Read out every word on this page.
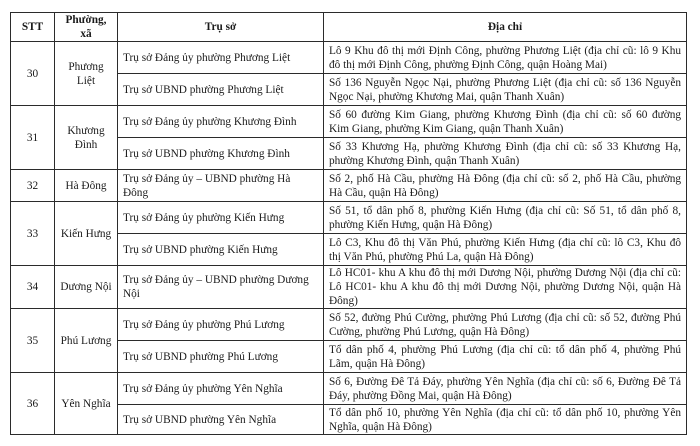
STT	Phường, xã	Trụ sở	Địa chỉ
30	Phương Liệt	Trụ sở Đảng ủy phường Phương Liệt	Lô 9 Khu đô thị mới Định Công, phường Phương Liệt (địa chỉ cũ: lô 9 Khu đô thị mới Định Công, phường Định Công, quận Hoàng Mai)
		Trụ sở UBND phường Phương Liệt	Số 136 Nguyễn Ngọc Nại, phường Phương Liệt (địa chỉ cũ: số 136 Nguyễn Ngọc Nại, phường Khương Mai, quận Thanh Xuân)
31	Khương Đình	Trụ sở Đảng ủy phường Khương Đình	Số 60 đường Kim Giang, phường Khương Đình (địa chỉ cũ: số 60 đường Kim Giang, phường Kim Giang, quận Thanh Xuân)
		Trụ sở UBND phường Khương Đình	Số 33 Khương Hạ, phường Khương Đình (địa chỉ cũ: số 33 Khương Hạ, phường Khương Đình, quận Thanh Xuân)
32	Hà Đông	Trụ sở Đảng ủy – UBND phường Hà Đông	Số 2, phố Hà Cầu, phường Hà Đông (địa chỉ cũ: số 2, phố Hà Cầu, phường Hà Cầu, quận Hà Đông)
33	Kiến Hưng	Trụ sở Đảng ủy phường Kiến Hưng	Số 51, tổ dân phố 8, phường Kiến Hưng (địa chỉ cũ: Số 51, tổ dân phố 8, phường Kiến Hưng, quận Hà Đông)
		Trụ sở UBND phường Kiến Hưng	Lô C3, Khu đô thị Văn Phú, phường Kiến Hưng (địa chỉ cũ: lô C3, Khu đô thị Văn Phú, phường Phú La, quận Hà Đông)
34	Dương Nội	Trụ sở Đảng ủy – UBND phường Dương Nội	Lô HC01- khu A khu đô thị mới Dương Nội, phường Dương Nội (địa chỉ cũ: Lô HC01- khu A khu đô thị mới Dương Nội, phường Dương Nội, quận Hà Đông)
35	Phú Lương	Trụ sở Đảng ủy phường Phú Lương	Số 52, đường Phú Cường, phường Phú Lương (địa chỉ cũ: số 52, đường Phú Cường, phường Phú Lương, quận Hà Đông)
		Trụ sở UBND phường Phú Lương	Tổ dân phố 4, phường Phú Lương (địa chỉ cũ: tổ dân phố 4, phường Phú Lãm, quận Hà Đông)
36	Yên Nghĩa	Trụ sở Đảng ủy phường Yên Nghĩa	Số 6, Đường Đê Tả Đáy, phường Yên Nghĩa (địa chỉ cũ: số 6, Đường Đê Tả Đáy, phường Đồng Mai, quận Hà Đông)
		Trụ sở UBND phường Yên Nghĩa	Tổ dân phố 10, phường Yên Nghĩa (địa chỉ cũ: tổ dân phố 10, phường Yên Nghĩa, quận Hà Đông)
